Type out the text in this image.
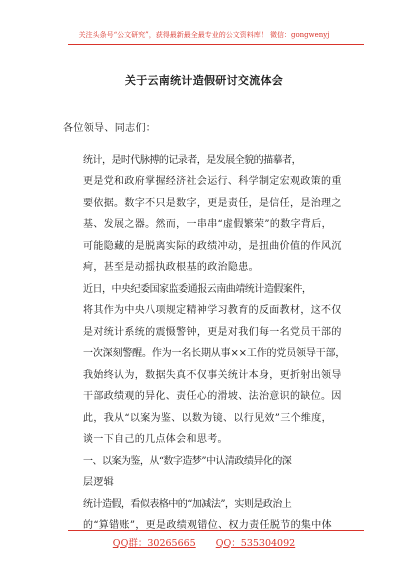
关注头条号“公文研究”，获得最新最全最专业的公文资料库！ 微信：gongwenyj
关于云南统计造假研讨交流体会

各位领导、同志们：

统计，是时代脉搏的记录者，是发展全貌的描摹者，
更是党和政府掌握经济社会运行、科学制定宏观政策的重
要依据。数字不只是数字，更是责任，是信任，是治理之
基、发展之器。然而，一串串“虚假繁荣”的数字背后，
可能隐藏的是脱离实际的政绩冲动，是扭曲价值的作风沉
疴，甚至是动摇执政根基的政治隐患。

近日，中央纪委国家监委通报云南曲靖统计造假案件，
将其作为中央八项规定精神学习教育的反面教材，这不仅
是对统计系统的震慑警钟，更是对我们每一名党员干部的
一次深刻警醒。作为一名长期从事××工作的党员领导干部，
我始终认为，数据失真不仅事关统计本身，更折射出领导
干部政绩观的异化、责任心的滑坡、法治意识的缺位。因
此，我从“以案为鉴、以数为镜、以行见效”三个维度，
谈一下自己的几点体会和思考。

一、以案为鉴，从“数字造梦”中认清政绩异化的深
层逻辑

统计造假，看似表格中的“加减法”，实则是政治上
的“算错账”，更是政绩观错位、权力责任脱节的集中体

QQ群：30265665 QQ：535304092
